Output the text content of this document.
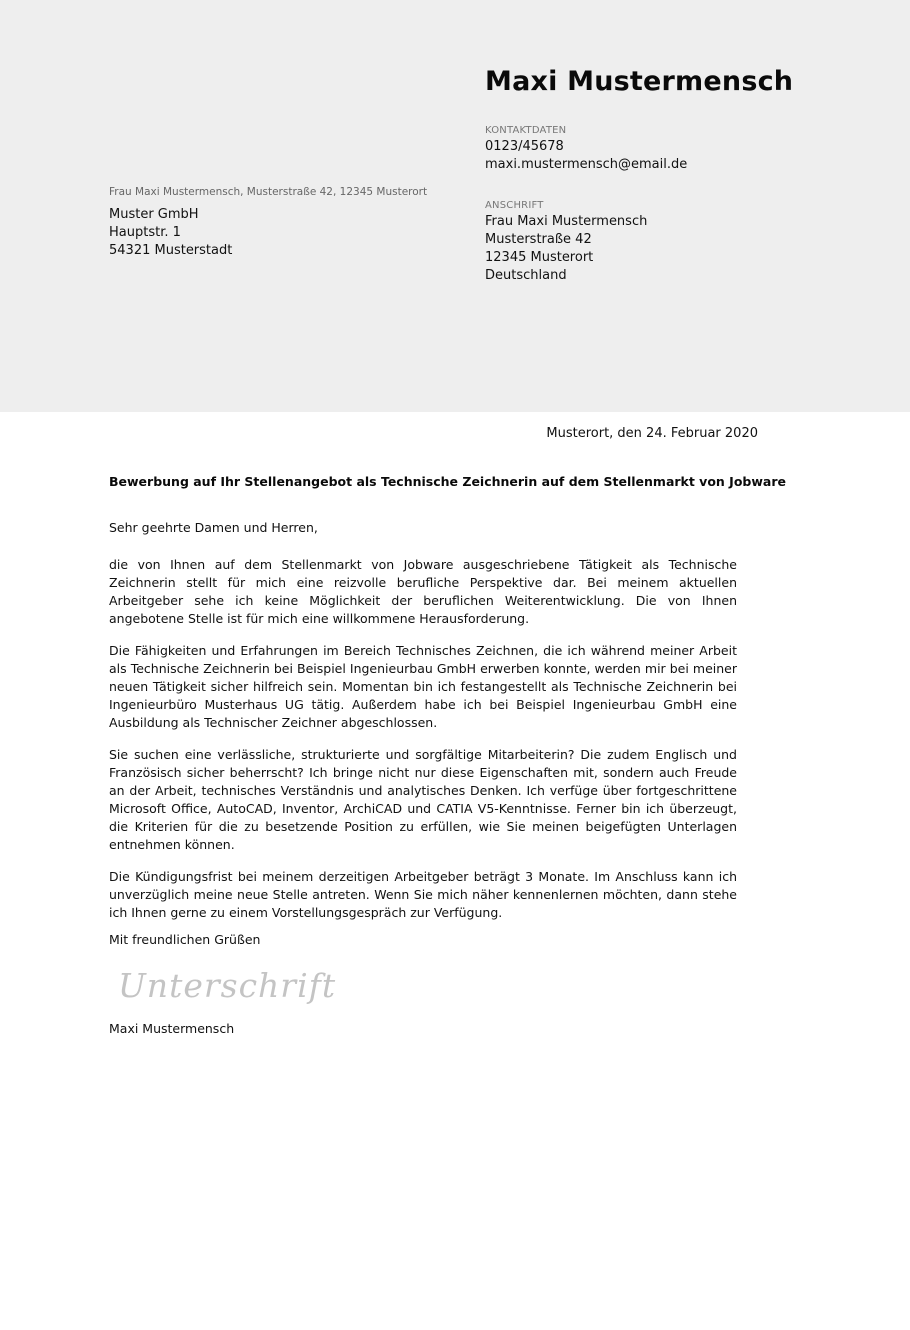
Maxi Mustermensch
KONTAKTDATEN
0123/45678
maxi.mustermensch@email.de
ANSCHRIFT
Frau Maxi Mustermensch
Musterstraße 42
12345 Musterort
Deutschland
Frau Maxi Mustermensch, Musterstraße 42, 12345 Musterort
Muster GmbH
Hauptstr. 1
54321 Musterstadt
Musterort, den 24. Februar 2020
Bewerbung auf Ihr Stellenangebot als Technische Zeichnerin auf dem Stellenmarkt von Jobware
Sehr geehrte Damen und Herren,

die von Ihnen auf dem Stellenmarkt von Jobware ausgeschriebene Tätigkeit als Technische Zeichnerin stellt für mich eine reizvolle berufliche Perspektive dar. Bei meinem aktuellen Arbeitgeber sehe ich keine Möglichkeit der beruflichen Weiterentwicklung. Die von Ihnen angebotene Stelle ist für mich eine willkommene Herausforderung.

Die Fähigkeiten und Erfahrungen im Bereich Technisches Zeichnen, die ich während meiner Arbeit als Technische Zeichnerin bei Beispiel Ingenieurbau GmbH erwerben konnte, werden mir bei meiner neuen Tätigkeit sicher hilfreich sein. Momentan bin ich festangestellt als Technische Zeichnerin bei Ingenieurbüro Musterhaus UG tätig. Außerdem habe ich bei Beispiel Ingenieurbau GmbH eine Ausbildung als Technischer Zeichner abgeschlossen.

Sie suchen eine verlässliche, strukturierte und sorgfältige Mitarbeiterin? Die zudem Englisch und Französisch sicher beherrscht? Ich bringe nicht nur diese Eigenschaften mit, sondern auch Freude an der Arbeit, technisches Verständnis und analytisches Denken. Ich verfüge über fortgeschrittene Microsoft Office, AutoCAD, Inventor, ArchiCAD und CATIA V5-Kenntnisse. Ferner bin ich überzeugt, die Kriterien für die zu besetzende Position zu erfüllen, wie Sie meinen beigefügten Unterlagen entnehmen können.

Die Kündigungsfrist bei meinem derzeitigen Arbeitgeber beträgt 3 Monate. Im Anschluss kann ich unverzüglich meine neue Stelle antreten. Wenn Sie mich näher kennenlernen möchten, dann stehe ich Ihnen gerne zu einem Vorstellungsgespräch zur Verfügung.

Mit freundlichen Grüßen
Unterschrift
Maxi Mustermensch
